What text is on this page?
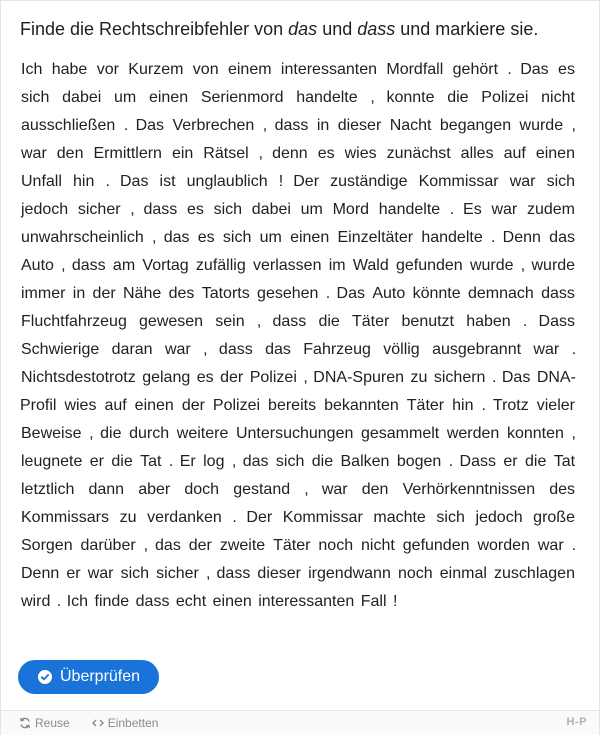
Finde die Rechtschreibfehler von das und dass und markiere sie.
Ich habe vor Kurzem von einem interessanten Mordfall gehört . Das es sich dabei um einen Serienmord handelte , konnte die Polizei nicht ausschließen . Das Verbrechen , dass in dieser Nacht begangen wurde , war den Ermittlern ein Rätsel , denn es wies zunächst alles auf einen Unfall hin . Das ist unglaublich ! Der zuständige Kommissar war sich jedoch sicher , dass es sich dabei um Mord handelte . Es war zudem unwahrscheinlich , das es sich um einen Einzeltäter handelte . Denn das Auto , dass am Vortag zufällig verlassen im Wald gefunden wurde , wurde immer in der Nähe des Tatorts gesehen . Das Auto könnte demnach dass Fluchtfahrzeug gewesen sein , dass die Täter benutzt haben . Dass Schwierige daran war , dass das Fahrzeug völlig ausgebrannt war . Nichtsdestotrotz gelang es der Polizei , DNA-Spuren zu sichern . Das DNA-Profil wies auf einen der Polizei bereits bekannten Täter hin . Trotz vieler Beweise , die durch weitere Untersuchungen gesammelt werden konnten , leugnete er die Tat . Er log , das sich die Balken bogen . Dass er die Tat letztlich dann aber doch gestand , war den Verhörkenntnissen des Kommissars zu verdanken . Der Kommissar machte sich jedoch große Sorgen darüber , das der zweite Täter noch nicht gefunden worden war . Denn er war sich sicher , dass dieser irgendwann noch einmal zuschlagen wird . Ich finde dass echt einen interessanten Fall !
Überprüfen
Reuse	Einbetten	H-P
